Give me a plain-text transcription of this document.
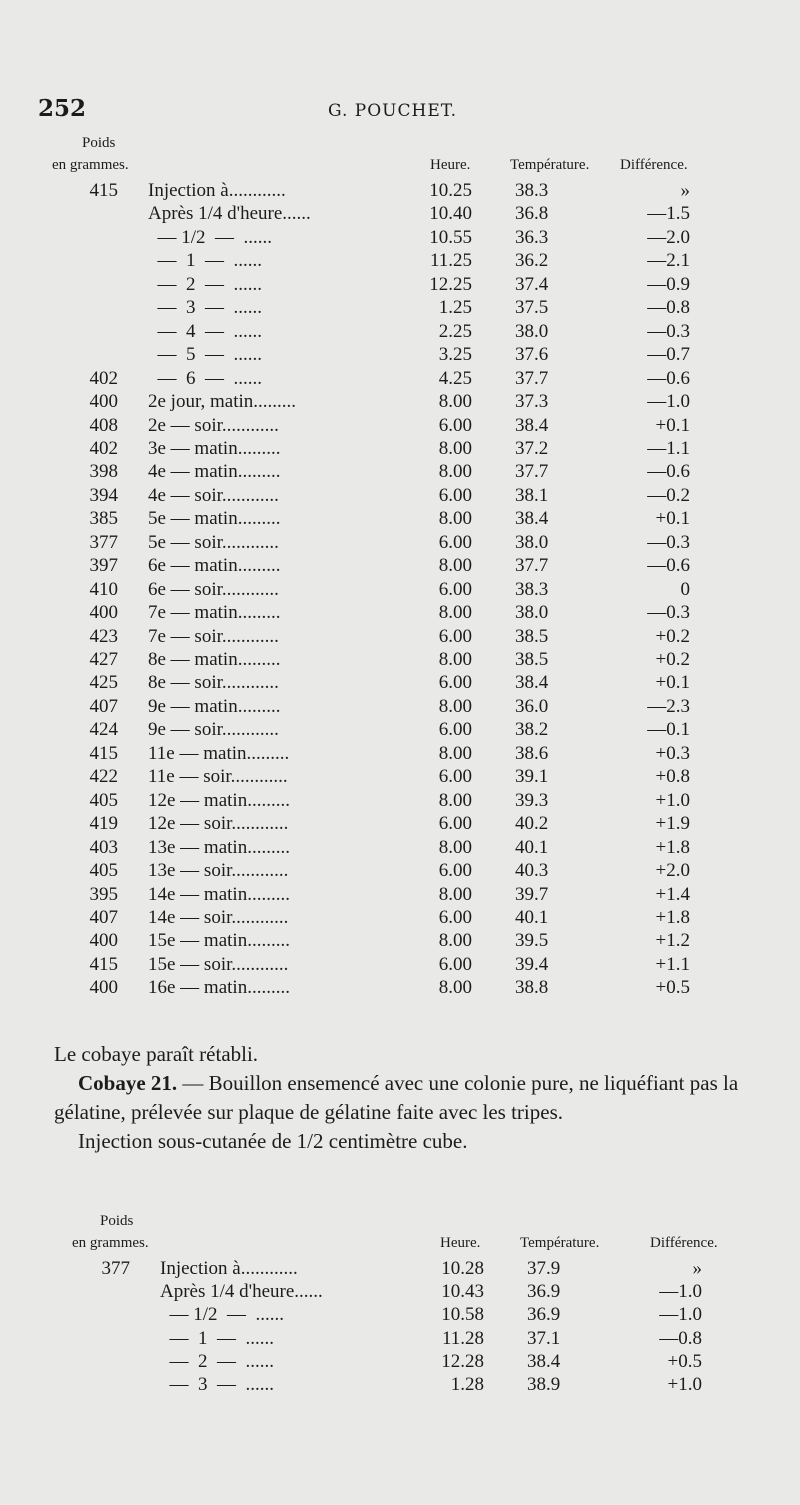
252	G. POUCHET.
Poids
en grammes.	Heure.	Température. Différence.
415 Injection à............	10.25 38.3	»
Après 1/4 d'heure......	10.40 36.8	—1.5
— 1/2  —  ......	10.55 36.3	—2.0
—  1  —  ......	11.25 36.2	—2.1
—  2  —  ......	12.25 37.4	—0.9
—  3  —  ......	1.25 37.5	—0.8
—  4  —  ......	2.25 38.0	—0.3
—  5  —  ......	3.25 37.6	—0.7
402 —  6  —  ......	4.25 37.7	—0.6
400 2e jour, matin.........	8.00 37.3	—1.0
408 2e — soir............	6.00 38.4	+0.1
402 3e — matin.........	8.00 37.2	—1.1
398 4e — matin.........	8.00 37.7	—0.6
394 4e — soir............	6.00 38.1	—0.2
385 5e — matin.........	8.00 38.4	+0.1
377 5e — soir............	6.00 38.0	—0.3
397 6e — matin.........	8.00 37.7	—0.6
410 6e — soir............	6.00 38.3	0
400 7e — matin.........	8.00 38.0	—0.3
423 7e — soir............	6.00 38.5	+0.2
427 8e — matin.........	8.00 38.5	+0.2
425 8e — soir............	6.00 38.4	+0.1
407 9e — matin.........	8.00 36.0	—2.3
424 9e — soir............	6.00 38.2	—0.1
415 11e — matin.........	8.00 38.6	+0.3
422 11e — soir............	6.00 39.1	+0.8
405 12e — matin.........	8.00 39.3	+1.0
419 12e — soir............	6.00 40.2	+1.9
403 13e — matin.........	8.00 40.1	+1.8
405 13e — soir............	6.00 40.3	+2.0
395 14e — matin.........	8.00 39.7	+1.4
407 14e — soir............	6.00 40.1	+1.8
400 15e — matin.........	8.00 39.5	+1.2
415 15e — soir............	6.00 39.4	+1.1
400 16e — matin.........	8.00 38.8	+0.5

Le cobaye paraît rétabli.

Cobaye 21. — Bouillon ensemencé avec une colonie pure, ne liquéfiant pas la gélatine, prélevée sur plaque de gélatine faite avec les tripes.

Injection sous-cutanée de 1/2 centimètre cube.

Poids
en grammes.	Heure.	Température.	Différence.
377 Injection à............	10.28 37.9	»
Après 1/4 d'heure......	10.43 36.9	—1.0
— 1/2  —  ......	10.58 36.9	—1.0
—  1  —  ......	11.28 37.1	—0.8
—  2  —  ......	12.28 38.4	+0.5
—  3  —  ......	1.28 38.9	+1.0
